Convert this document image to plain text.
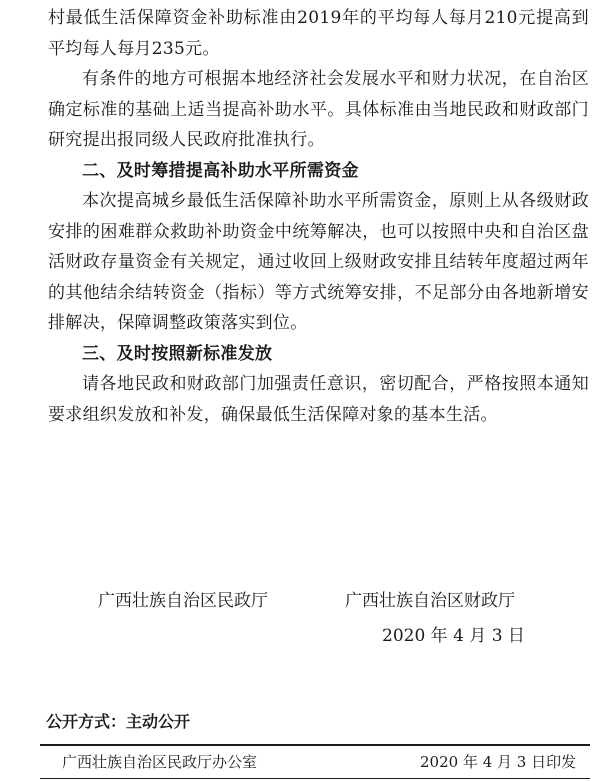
村最低生活保障资金补助标准由2019年的平均每人每月210元提高到平均每人每月235元。

有条件的地方可根据本地经济社会发展水平和财力状况，在自治区确定标准的基础上适当提高补助水平。具体标准由当地民政和财政部门研究提出报同级人民政府批准执行。

二、及时筹措提高补助水平所需资金

本次提高城乡最低生活保障补助水平所需资金，原则上从各级财政安排的困难群众救助补助资金中统筹解决，也可以按照中央和自治区盘活财政存量资金有关规定，通过收回上级财政安排且结转年度超过两年的其他结余结转资金（指标）等方式统筹安排，不足部分由各地新增安排解决，保障调整政策落实到位。

三、及时按照新标准发放

请各地民政和财政部门加强责任意识，密切配合，严格按照本通知要求组织发放和补发，确保最低生活保障对象的基本生活。

广西壮族自治区民政厅	广西壮族自治区财政厅
2020 年 4 月 3 日
公开方式：主动公开
广西壮族自治区民政厅办公室	2020 年 4 月 3 日印发
